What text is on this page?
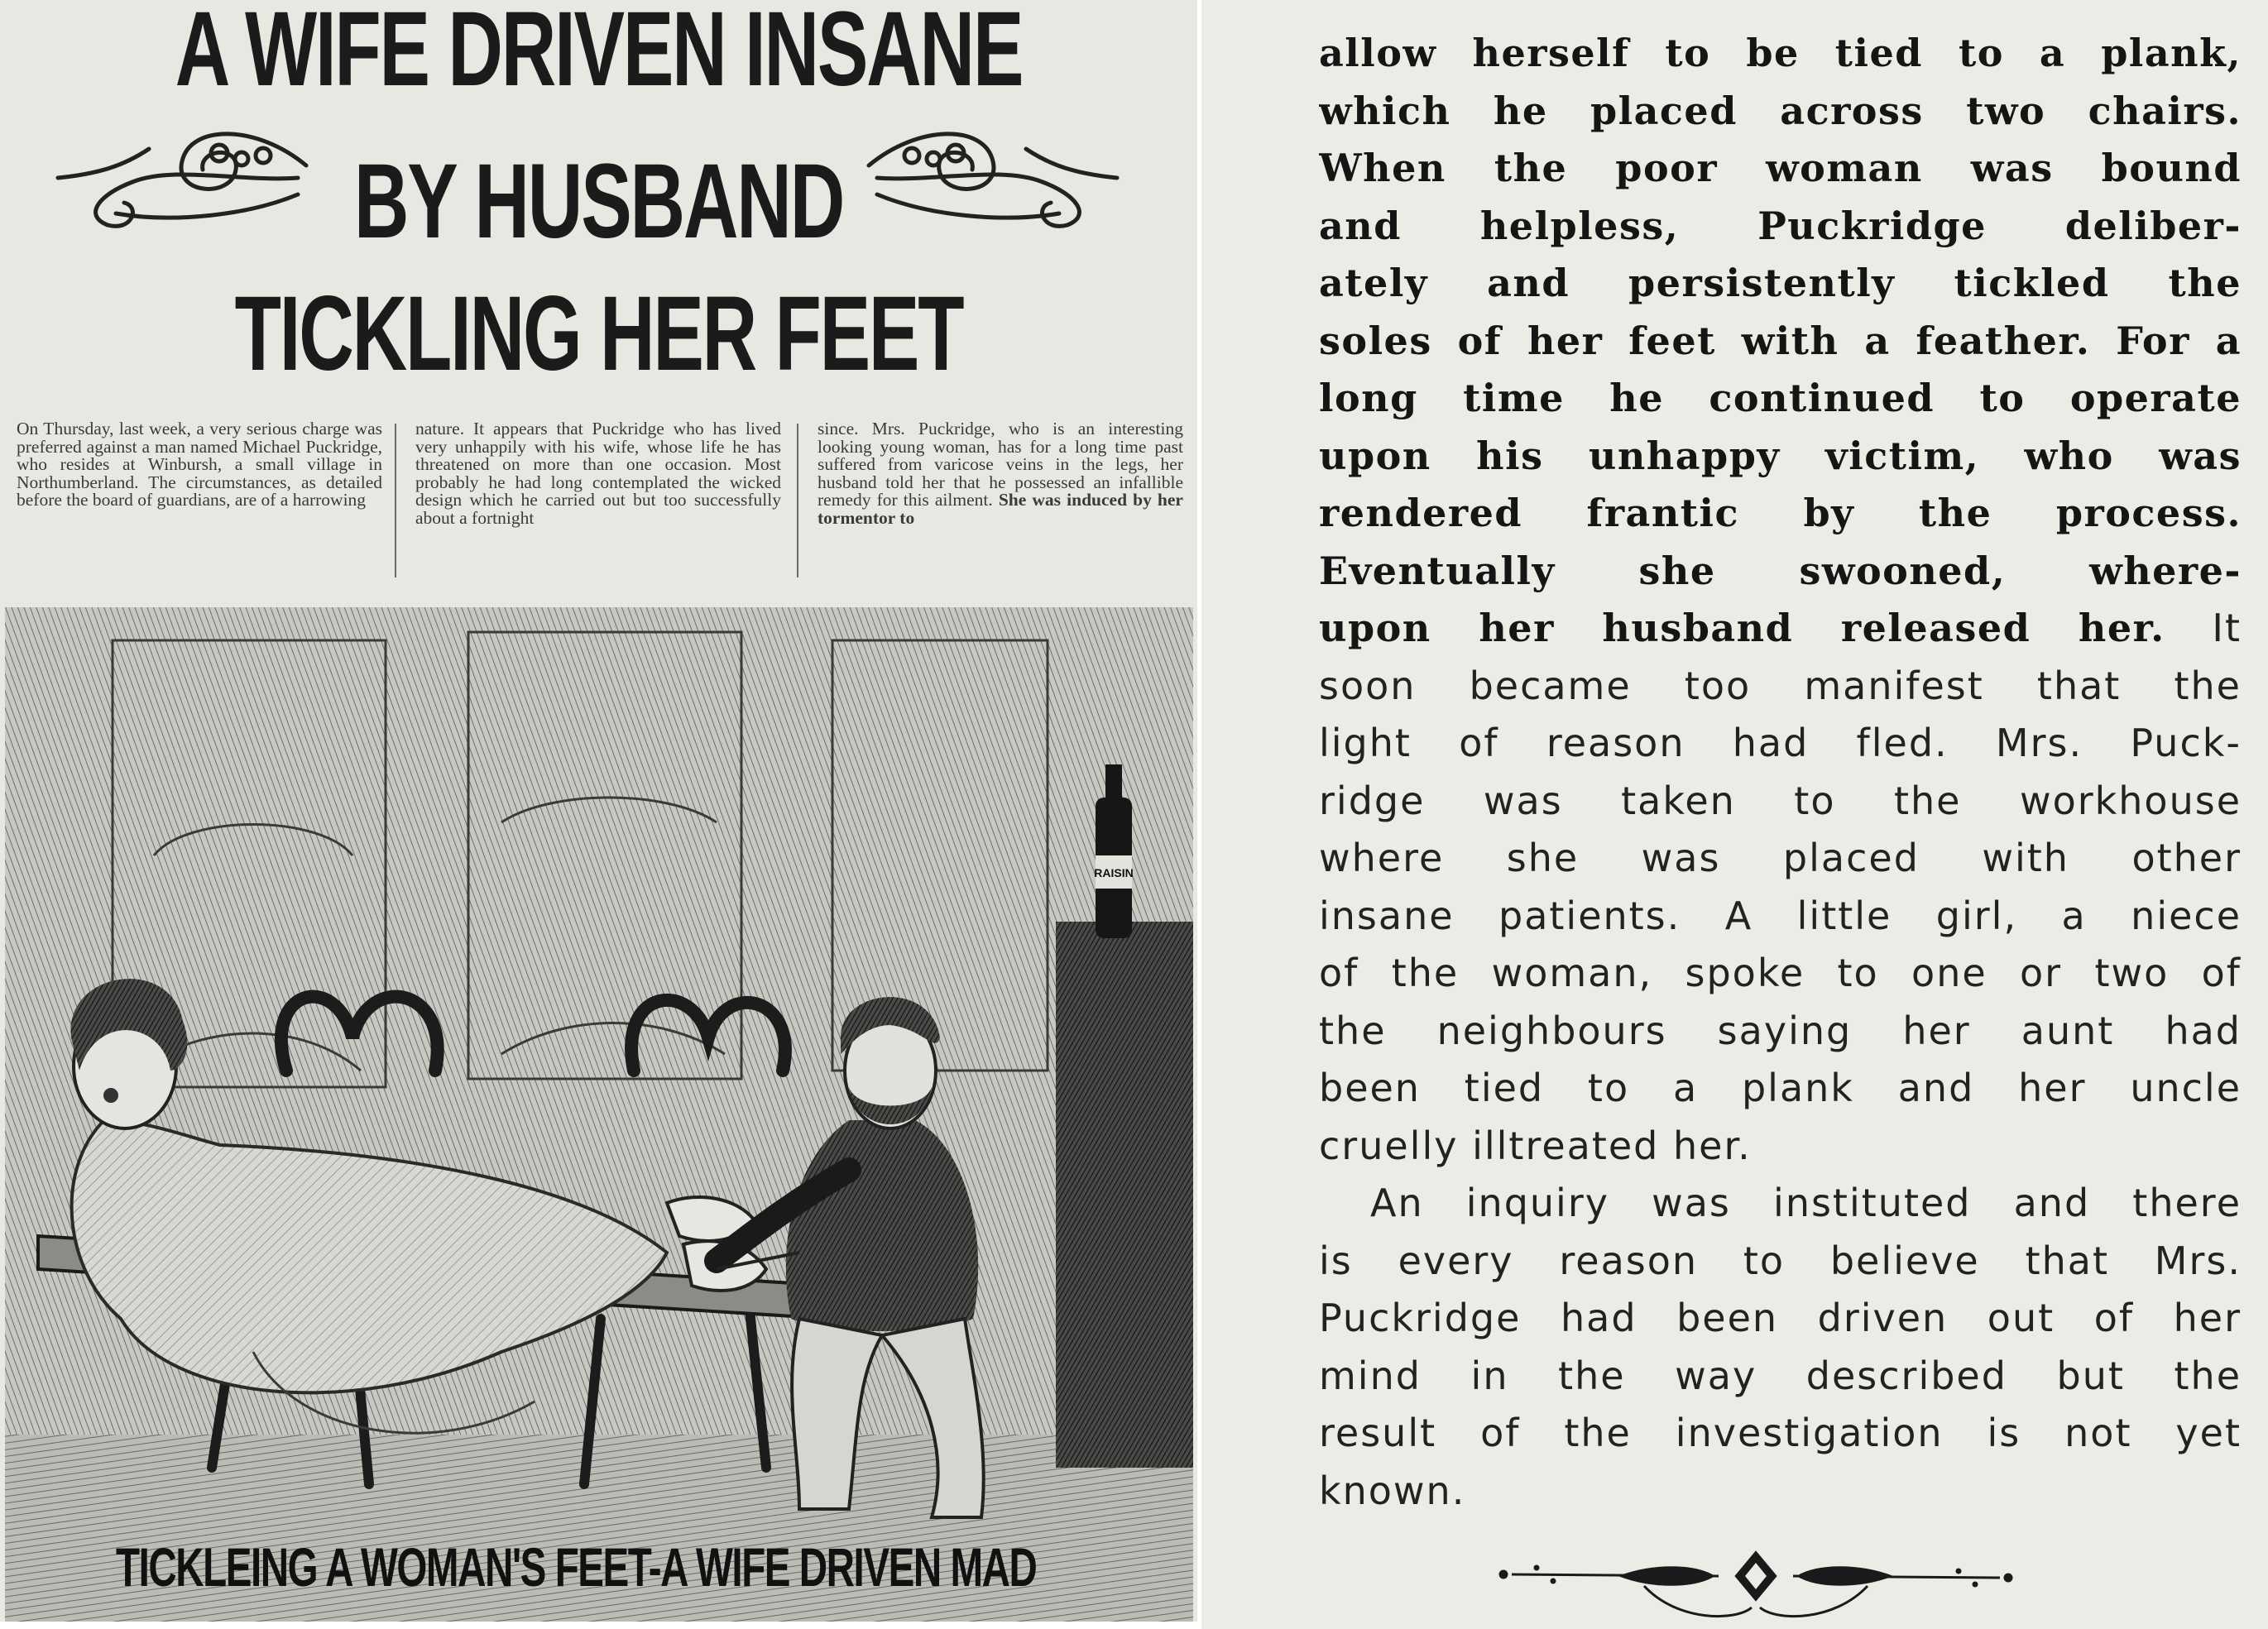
A WIFE DRIVEN INSANE
BY HUSBAND
TICKLING HER FEET

On Thursday, last week, a very serious charge was preferred against a man named Michael Puckridge, who resides at Winbursh, a small village in Northumberland. The circumstances, as detailed before the board of guardians, are of a harrowing

nature. It appears that Puckridge who has lived very unhappily with his wife, whose life he has threatened on more than one occasion. Most probably he had long contemplated the wicked design which he carried out but too successfully about a fortnight

since. Mrs. Puckridge, who is an interesting looking young woman, has for a long time past suffered from varicose veins in the legs, her husband told her that he possessed an infallible remedy for this ailment. She was induced by her tormentor to

RAISIN
TICKLEING A WOMAN'S FEET-A WIFE DRIVEN MAD
allow herself to be tied to a plank,
which he placed across two chairs.
When the poor woman was bound
and helpless, Puckridge deliber-
ately and persistently tickled the
soles of her feet with a feather. For a
long time he continued to operate
upon his unhappy victim, who was
rendered frantic by the process.
Eventually she swooned, where-
upon her husband released her. It
soon became too manifest that the
light of reason had fled. Mrs. Puck-
ridge was taken to the workhouse
where she was placed with other
insane patients. A little girl, a niece
of the woman, spoke to one or two of
the neighbours saying her aunt had
been tied to a plank and her uncle
cruelly illtreated her.
An inquiry was instituted and there
is every reason to believe that Mrs.
Puckridge had been driven out of her
mind in the way described but the
result of the investigation is not yet
known.
